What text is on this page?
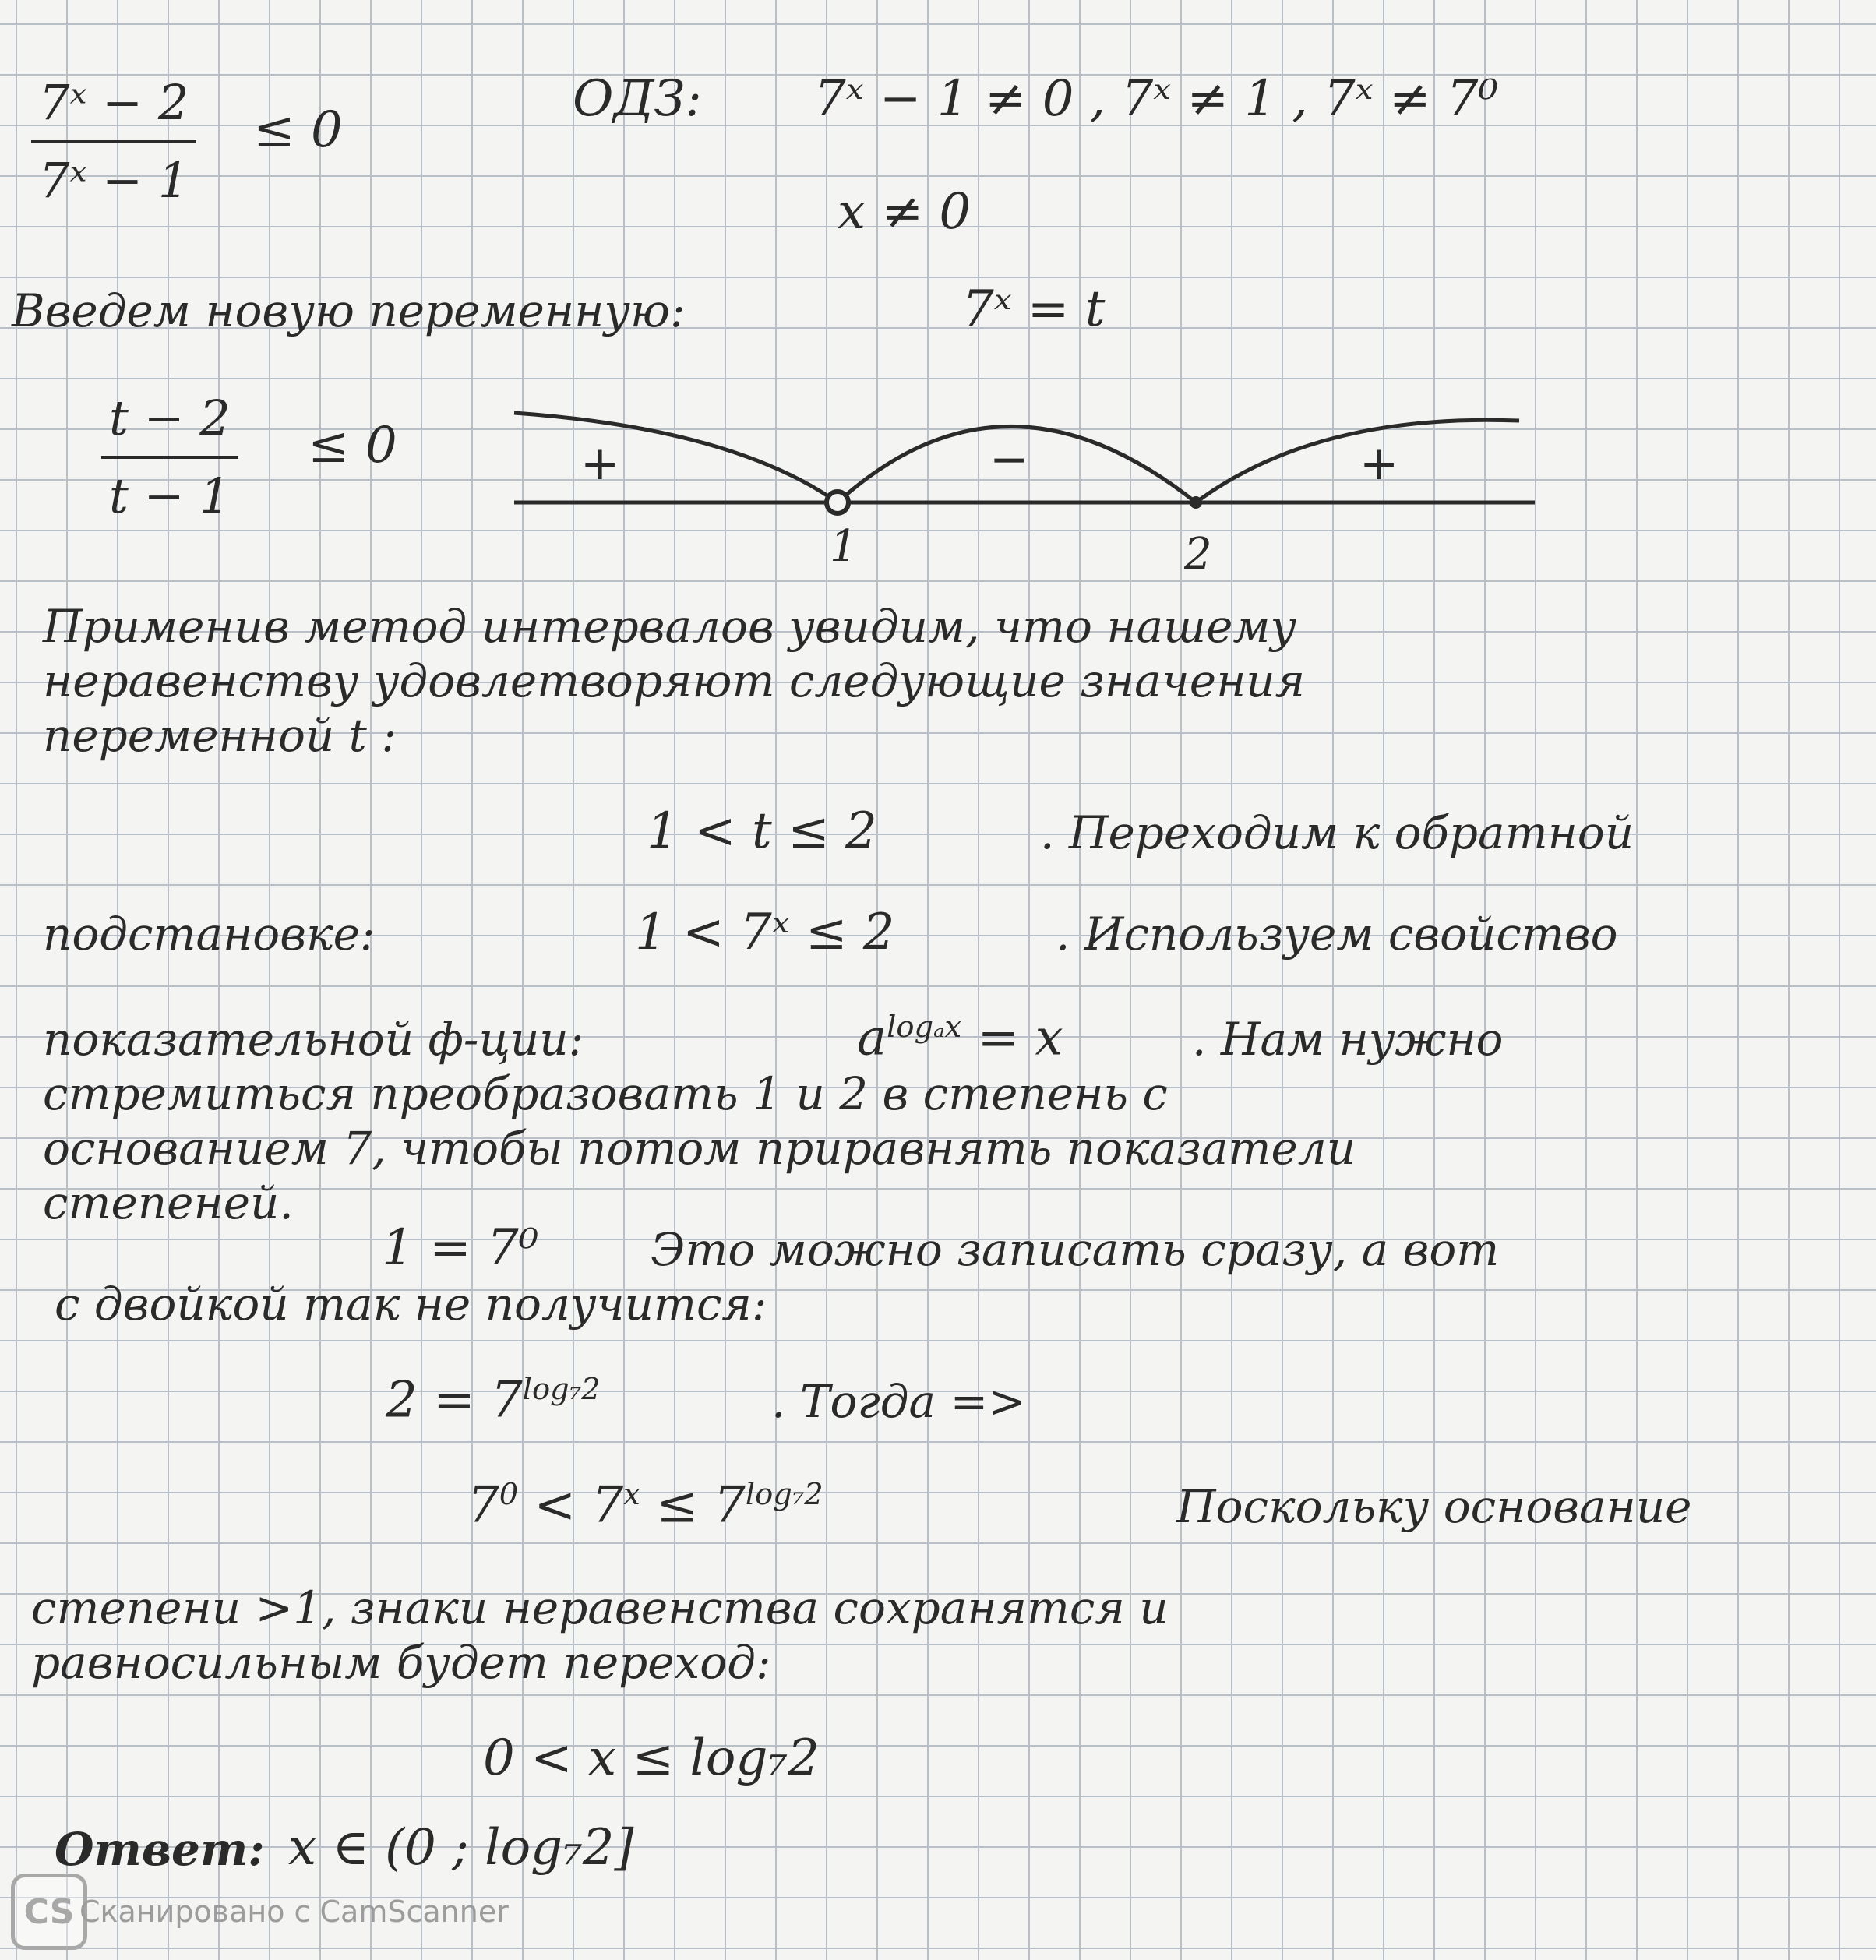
$\frac{\text{7ˣ − 2}}{\text{7ˣ − 1}} \le 0$
ОДЗ: 7ˣ − 1 ≠ 0 , 7ˣ ≠ 1 , 7ˣ ≠ 7⁰
x ≠ 0
Введем новую переменную:	7ˣ = t
$\frac{t - 2}{t - 1} \le 0$
1	2
+	−	+
Применив метод интервалов увидим, что нашему
неравенству удовлетворяют следующие значения
переменной t :
1 < t ≤ 2	. Переходим к обратной
подстановке:	1 < 7ˣ ≤ 2	. Используем свойство
показательной ф-ции:	$a^{log_ax} = x$	. Нам нужно
стремиться преобразовать 1 и 2 в степень с
основанием 7, чтобы потом приравнять показатели
степеней.
1 = 7⁰ Это можно записать сразу, а вот
с двойкой так не получится:
$2 = 7^{log_72}$	. Тогда =>
$7^0 < 7^x \le 7^{log_72}$	Поскольку основание
степени >1, знаки неравенства сохранятся и
равносильным будет переход:
0 < x ≤ log₇2
Ответ: x ∈ (0 ; log₇2]
CS Сканировано с CamScanner
